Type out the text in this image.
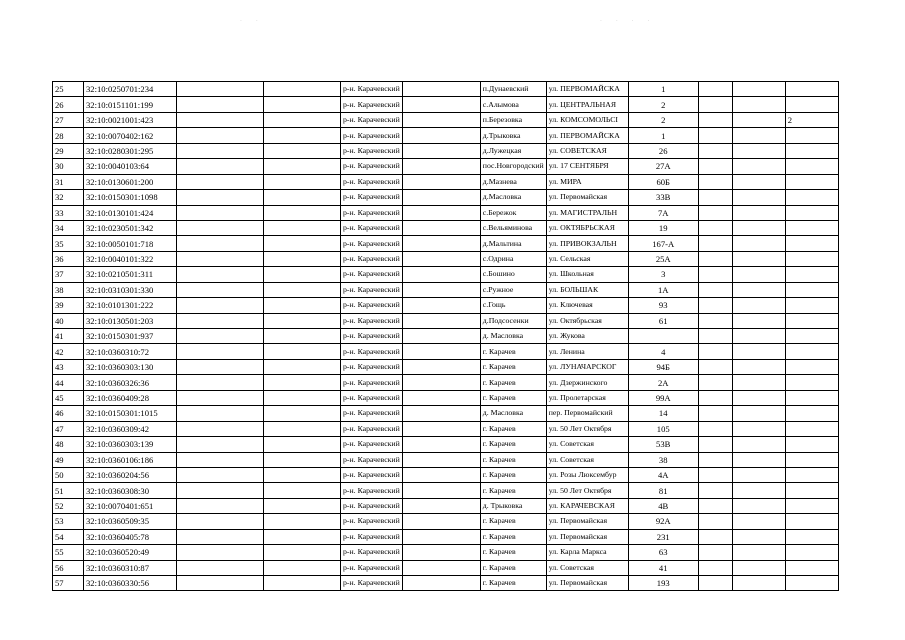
· ·	· · · ·
25	32:10:0250701:234			р-н. Карачевский		п.Дунаевский	ул. ПЕРВОМАЙСКА	1			
26	32:10:0151101:199			р-н. Карачевский		с.Алымова	ул. ЦЕНТРАЛЬНАЯ	2			
27	32:10:0021001:423			р-н. Карачевский		п.Березовка	ул. КОМСОМОЛЬСІ	2			2
28	32:10:0070402:162			р-н. Карачевский		д.Трыковка	ул. ПЕРВОМАЙСКА	1			
29	32:10:0280301:295			р-н. Карачевский		д.Лужецкая	ул. СОВЕТСКАЯ	26			
30	32:10:0040103:64			р-н. Карачевский		пос.Новгородский	ул. 17 СЕНТЯБРЯ	27А			
31	32:10:0130601:200			р-н. Карачевский		д.Мазнева	ул. МИРА	60Б			
32	32:10:0150301:1098			р-н. Карачевский		д.Масловка	ул. Первомайская	33В			
33	32:10:0130101:424			р-н. Карачевский		с.Бережок	ул. МАГИСТРАЛЬН	7А			
34	32:10:0230501:342			р-н. Карачевский		с.Вельяминова	ул. ОКТЯБРЬСКАЯ	19			
35	32:10:0050101:718			р-н. Карачевский		д.Мальтина	ул. ПРИВОКЗАЛЬН	167-А			
36	32:10:0040101:322			р-н. Карачевский		с.Одрина	ул. Сельская	25А			
37	32:10:0210501:311			р-н. Карачевский		с.Бошино	ул. Школьная	3			
38	32:10:0310301:330			р-н. Карачевский		с.Ружное	ул. БОЛЬШАК	1А			
39	32:10:0101301:222			р-н. Карачевский		с.Гощь	ул. Ключевая	93			
40	32:10:0130501:203			р-н. Карачевский		д.Подсосенки	ул. Октябрьская	61			
41	32:10:0150301:937			р-н. Карачевский		д. Масловка	ул. Жукова				
42	32:10:0360310:72			р-н. Карачевский		г. Карачев	ул. Ленина	4			
43	32:10:0360303:130			р-н. Карачевский		г. Карачев	ул. ЛУНАЧАРСКОГ	94Б			
44	32:10:0360326:36			р-н. Карачевский		г. Карачев	ул. Дзержинского	2А			
45	32:10:0360409:28			р-н. Карачевский		г. Карачев	ул. Пролетарская	99А			
46	32:10:0150301:1015			р-н. Карачевский		д. Масловка	пер. Первомайский	14			
47	32:10:0360309:42			р-н. Карачевский		г. Карачев	ул. 50 Лет Октября	105			
48	32:10:0360303:139			р-н. Карачевский		г. Карачев	ул. Советская	53В			
49	32:10:0360106:186			р-н. Карачевский		г. Карачев	ул. Советская	38			
50	32:10:0360204:56			р-н. Карачевский		г. Карачев	ул. Розы Люксембур	4А			
51	32:10:0360308:30			р-н. Карачевский		г. Карачев	ул. 50 Лет Октября	81			
52	32:10:0070401:651			р-н. Карачевский		д. Трыковка	ул. КАРАЧЕВСКАЯ	4В			
53	32:10:0360509:35			р-н. Карачевский		г. Карачев	ул. Первомайская	92А			
54	32:10:0360405:78			р-н. Карачевский		г. Карачев	ул. Первомайская	231			
55	32:10:0360520:49			р-н. Карачевский		г. Карачев	ул. Карла Маркса	63			
56	32:10:0360310:87			р-н. Карачевский		г. Карачев	ул. Советская	41			
57	32:10:0360330:56			р-н. Карачевский		г. Карачев	ул. Первомайская	193			
